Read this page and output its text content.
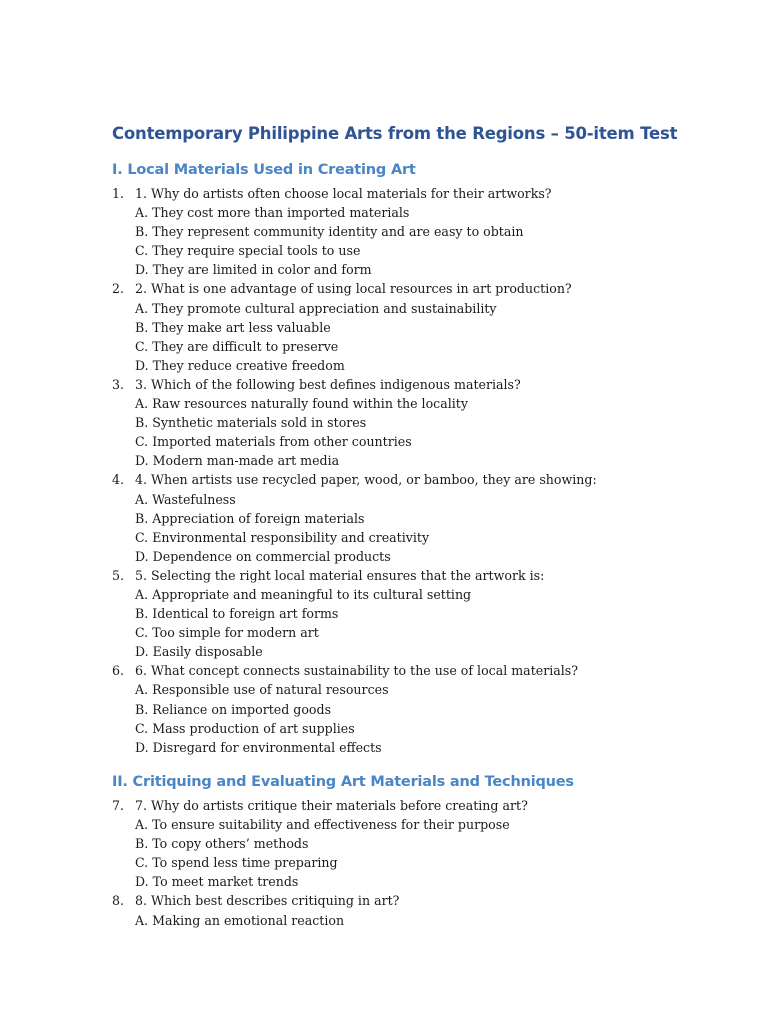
Contemporary Philippine Arts from the Regions – 50-item Test
I. Local Materials Used in Creating Art
1. 1. Why do artists often choose local materials for their artworks?
A. They cost more than imported materials
B. They represent community identity and are easy to obtain
C. They require special tools to use
D. They are limited in color and form
2. 2. What is one advantage of using local resources in art production?
A. They promote cultural appreciation and sustainability
B. They make art less valuable
C. They are difficult to preserve
D. They reduce creative freedom
3. 3. Which of the following best defines indigenous materials?
A. Raw resources naturally found within the locality
B. Synthetic materials sold in stores
C. Imported materials from other countries
D. Modern man-made art media
4. 4. When artists use recycled paper, wood, or bamboo, they are showing:
A. Wastefulness
B. Appreciation of foreign materials
C. Environmental responsibility and creativity
D. Dependence on commercial products
5. 5. Selecting the right local material ensures that the artwork is:
A. Appropriate and meaningful to its cultural setting
B. Identical to foreign art forms
C. Too simple for modern art
D. Easily disposable
6. 6. What concept connects sustainability to the use of local materials?
A. Responsible use of natural resources
B. Reliance on imported goods
C. Mass production of art supplies
D. Disregard for environmental effects
II. Critiquing and Evaluating Art Materials and Techniques
7. 7. Why do artists critique their materials before creating art?
A. To ensure suitability and effectiveness for their purpose
B. To copy others’ methods
C. To spend less time preparing
D. To meet market trends
8. 8. Which best describes critiquing in art?
A. Making an emotional reaction
